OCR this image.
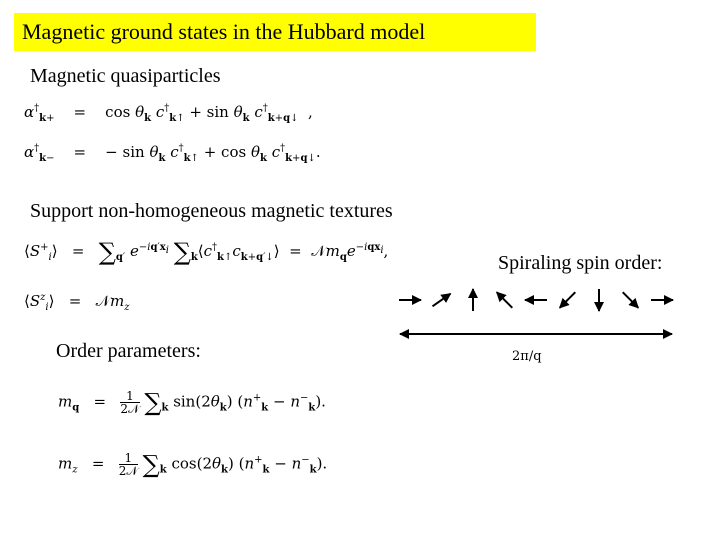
Magnetic ground states in the Hubbard model
Magnetic quasiparticles
$\alpha^\dagger_{k+}$    =    $\cos \theta_k$ $c^\dagger_{k↑} + \sin \theta_k$ $c^\dagger_{k+q↓}$  ,
$\alpha^\dagger_{k-}$    =    − $\sin \theta_k$ $c^\dagger_{k↑} + \cos \theta_k$ $c^\dagger_{k+q↓}$.
Support non-homogeneous magnetic textures
$⟨S^+_i⟩ = \sum_{q'}$ $e^{-iq'x_i}$ $\sum_k⟨c^\dagger_{k↑}c_{k+q'↓}⟩$  =  $𝒩m_qe^{-iqx_i}$,
$⟨S^z_i⟩$   =   𝒩m$_z$
Spiraling spin order:
2π/q
Order parameters:
$m_q = \frac{1}{\text{2𝒩}} \sum_k$ $\sin(2\theta_k) (n^+_k - n^-_k)$.
$m_z = \frac{1}{\text{2𝒩}} \sum_k$ $\cos(2\theta_k) (n^+_k - n^-_k)$.
